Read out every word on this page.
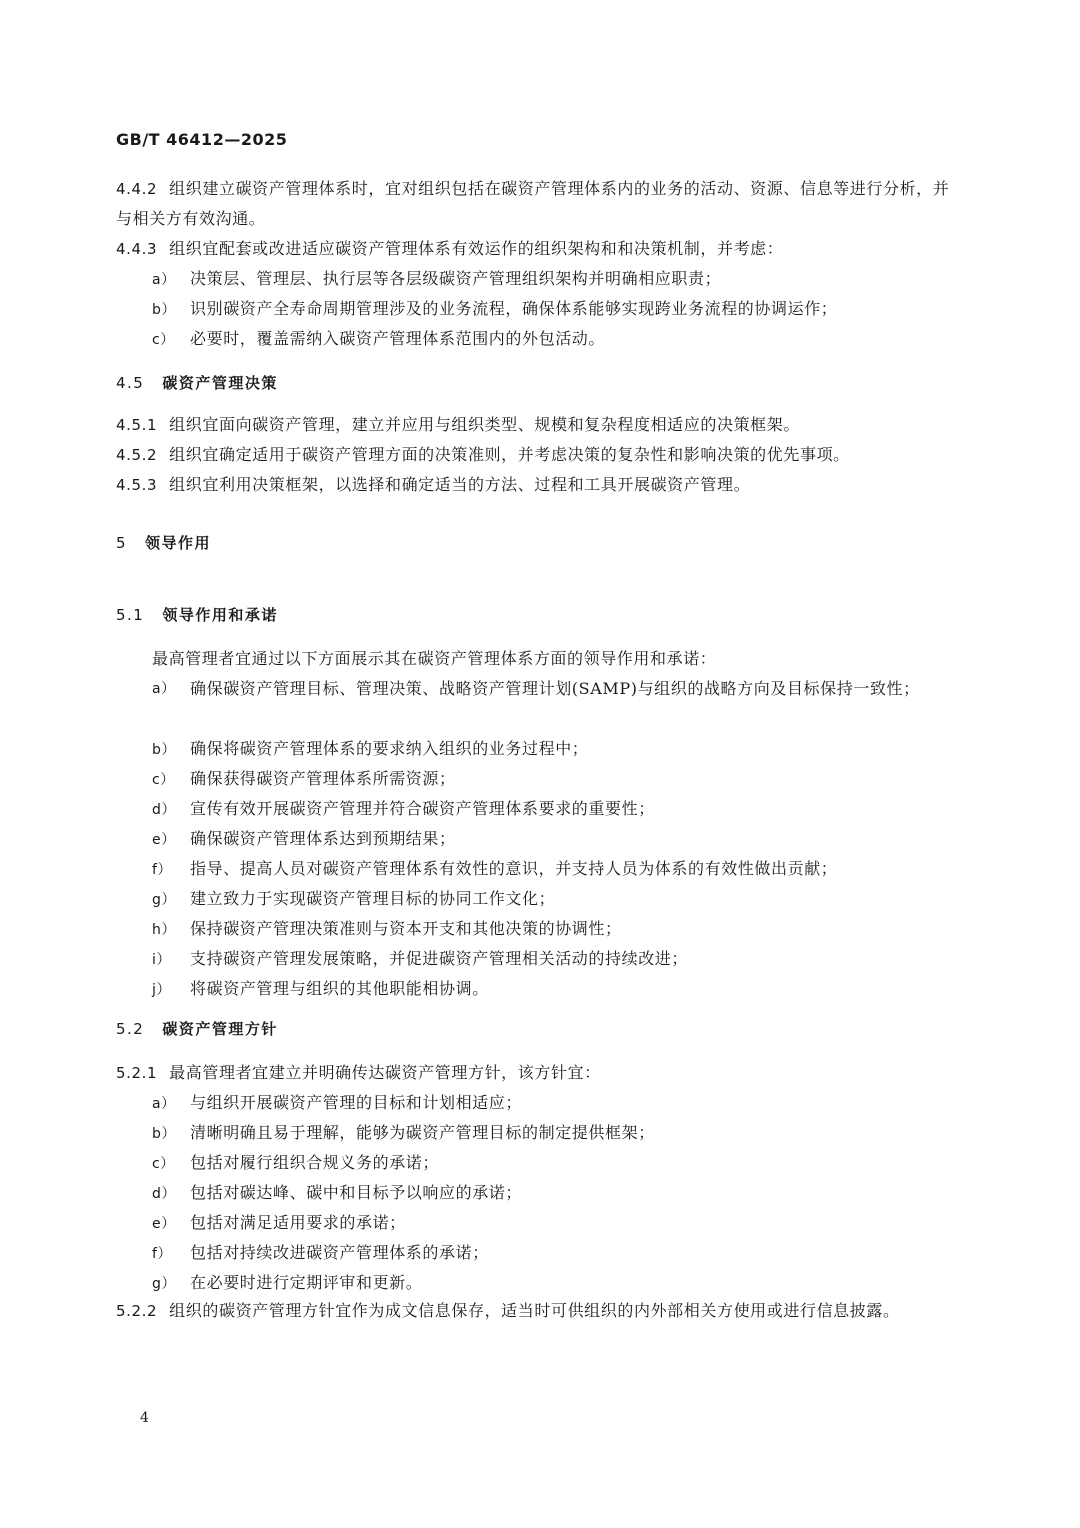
GB/T 46412—2025
4.4.2 组织建立碳资产管理体系时，宜对组织包括在碳资产管理体系内的业务的活动、资源、信息等进行分析，并与相关方有效沟通。
4.4.3 组织宜配套或改进适应碳资产管理体系有效运作的组织架构和和决策机制，并考虑：
a） 决策层、管理层、执行层等各层级碳资产管理组织架构并明确相应职责；
b） 识别碳资产全寿命周期管理涉及的业务流程，确保体系能够实现跨业务流程的协调运作；
c） 必要时，覆盖需纳入碳资产管理体系范围内的外包活动。
4.5 碳资产管理决策
4.5.1 组织宜面向碳资产管理，建立并应用与组织类型、规模和复杂程度相适应的决策框架。
4.5.2 组织宜确定适用于碳资产管理方面的决策准则，并考虑决策的复杂性和影响决策的优先事项。
4.5.3 组织宜利用决策框架，以选择和确定适当的方法、过程和工具开展碳资产管理。
5 领导作用
5.1 领导作用和承诺
最高管理者宜通过以下方面展示其在碳资产管理体系方面的领导作用和承诺：
a） 确保碳资产管理目标、管理决策、战略资产管理计划(SAMP)与组织的战略方向及目标保持一致性；
b） 确保将碳资产管理体系的要求纳入组织的业务过程中；
c） 确保获得碳资产管理体系所需资源；
d） 宣传有效开展碳资产管理并符合碳资产管理体系要求的重要性；
e） 确保碳资产管理体系达到预期结果；
f） 指导、提高人员对碳资产管理体系有效性的意识，并支持人员为体系的有效性做出贡献；
g） 建立致力于实现碳资产管理目标的协同工作文化；
h） 保持碳资产管理决策准则与资本开支和其他决策的协调性；
i） 支持碳资产管理发展策略，并促进碳资产管理相关活动的持续改进；
j） 将碳资产管理与组织的其他职能相协调。
5.2 碳资产管理方针
5.2.1 最高管理者宜建立并明确传达碳资产管理方针，该方针宜：
a） 与组织开展碳资产管理的目标和计划相适应；
b） 清晰明确且易于理解，能够为碳资产管理目标的制定提供框架；
c） 包括对履行组织合规义务的承诺；
d） 包括对碳达峰、碳中和目标予以响应的承诺；
e） 包括对满足适用要求的承诺；
f） 包括对持续改进碳资产管理体系的承诺；
g） 在必要时进行定期评审和更新。
5.2.2 组织的碳资产管理方针宜作为成文信息保存，适当时可供组织的内外部相关方使用或进行信息披露。
4
